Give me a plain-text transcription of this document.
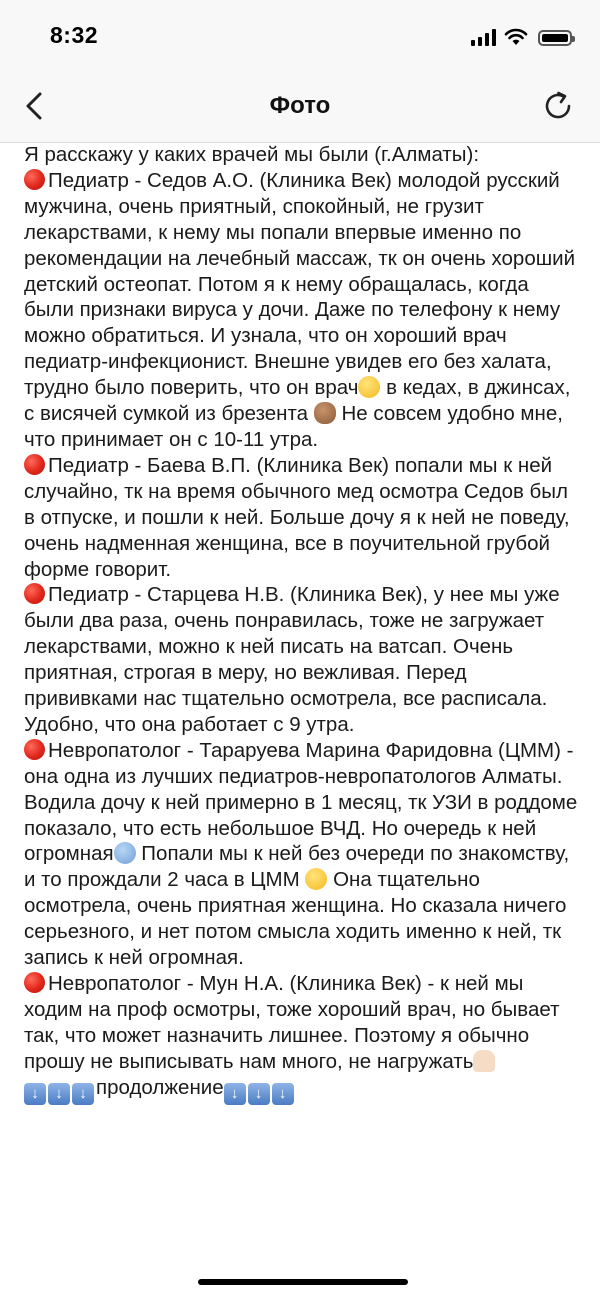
8:32
Фото

Я расскажу у каких врачей мы были (г.Алматы):

Педиатр - Седов А.О. (Клиника Век) молодой русский мужчина, очень приятный, спокойный, не грузит лекарствами, к нему мы попали впервые именно по рекомендации на лечебный массаж, тк он очень хороший детский остеопат. Потом я к нему обращалась, когда были признаки вируса у дочи. Даже по телефону к нему можно обратиться. И узнала, что он хороший врач педиатр-инфекционист. Внешне увидев его без халата, трудно было поверить, что он врач в кедах, в джинсах, с висячей сумкой из брезента  Не совсем удобно мне, что принимает он с 10-11 утра.

Педиатр - Баева В.П. (Клиника Век) попали мы к ней случайно, тк на время обычного мед осмотра Седов был в отпуске, и пошли к ней. Больше дочу я к ней не поведу, очень надменная женщина, все в поучительной грубой форме говорит.

Педиатр - Старцева Н.В. (Клиника Век), у нее мы уже были два раза, очень понравилась, тоже не загружает лекарствами, можно к ней писать на ватсап. Очень приятная, строгая в меру, но вежливая. Перед прививками нас тщательно осмотрела, все расписала. Удобно, что она работает с 9 утра.

Невропатолог - Тараруева Марина Фаридовна (ЦММ) - она одна из лучших педиатров-невропатологов Алматы. Водила дочу к ней примерно в 1 месяц, тк УЗИ в роддоме показало, что есть небольшое ВЧД. Но очередь к ней огромная Попали мы к ней без очереди по знакомству, и то прождали 2 часа в ЦММ  Она тщательно осмотрела, очень приятная женщина. Но сказала ничего серьезного, и нет потом смысла ходить именно к ней, тк запись к ней огромная.

Невропатолог - Мун Н.А. (Клиника Век) - к ней мы ходим на проф осмотры, тоже хороший врач, но бывает так, что может назначить лишнее. Поэтому я обычно прошу не выписывать нам много, не нагружать

↓ ↓ ↓ продолжение ↓ ↓ ↓
